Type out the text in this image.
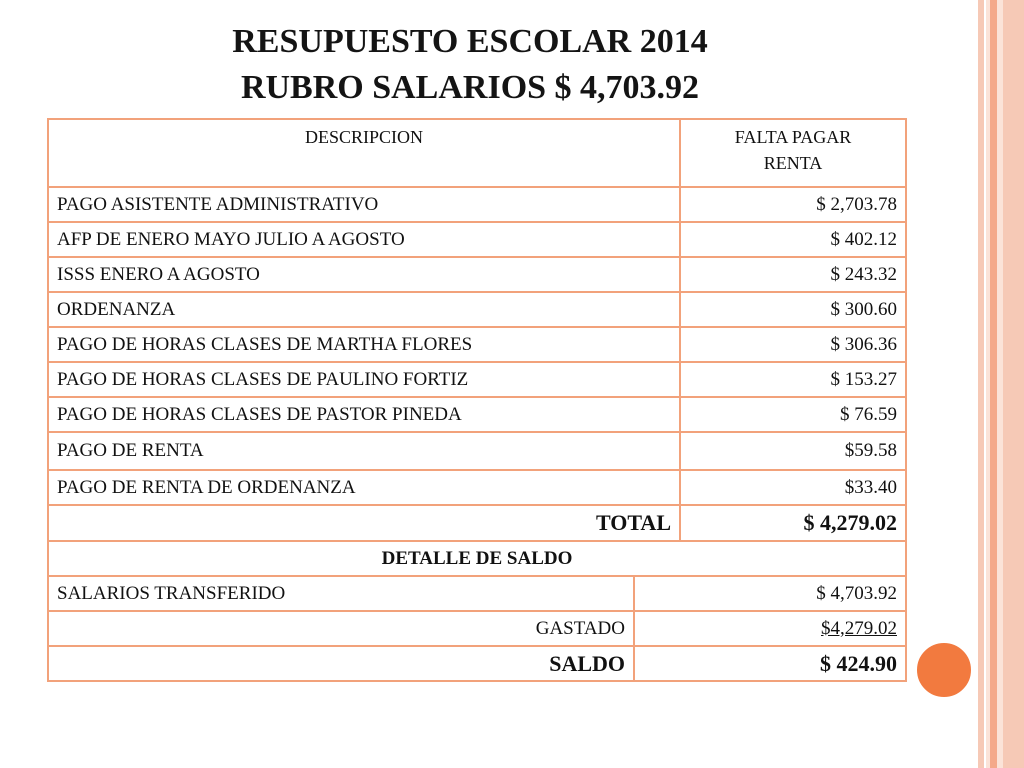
RESUPUESTO ESCOLAR 2014
RUBRO SALARIOS $ 4,703.92
DESCRIPCION		FALTA PAGAR
RENTA

PAGO ASISTENTE ADMINISTRATIVO		$ 2,703.78
AFP DE ENERO MAYO JULIO A AGOSTO		$ 402.12
ISSS ENERO A AGOSTO		$ 243.32
ORDENANZA		$ 300.60
PAGO DE HORAS CLASES DE MARTHA FLORES		$ 306.36
PAGO DE HORAS CLASES DE PAULINO FORTIZ		$ 153.27
PAGO DE HORAS CLASES DE PASTOR PINEDA		$ 76.59
PAGO DE RENTA		$59.58
PAGO DE RENTA DE ORDENANZA		$33.40
TOTAL		$ 4,279.02
DETALLE DE SALDO		
SALARIOS TRANSFERIDO	$ 4,703.92	
GASTADO	$4,279.02	
SALDO	$ 424.90	
